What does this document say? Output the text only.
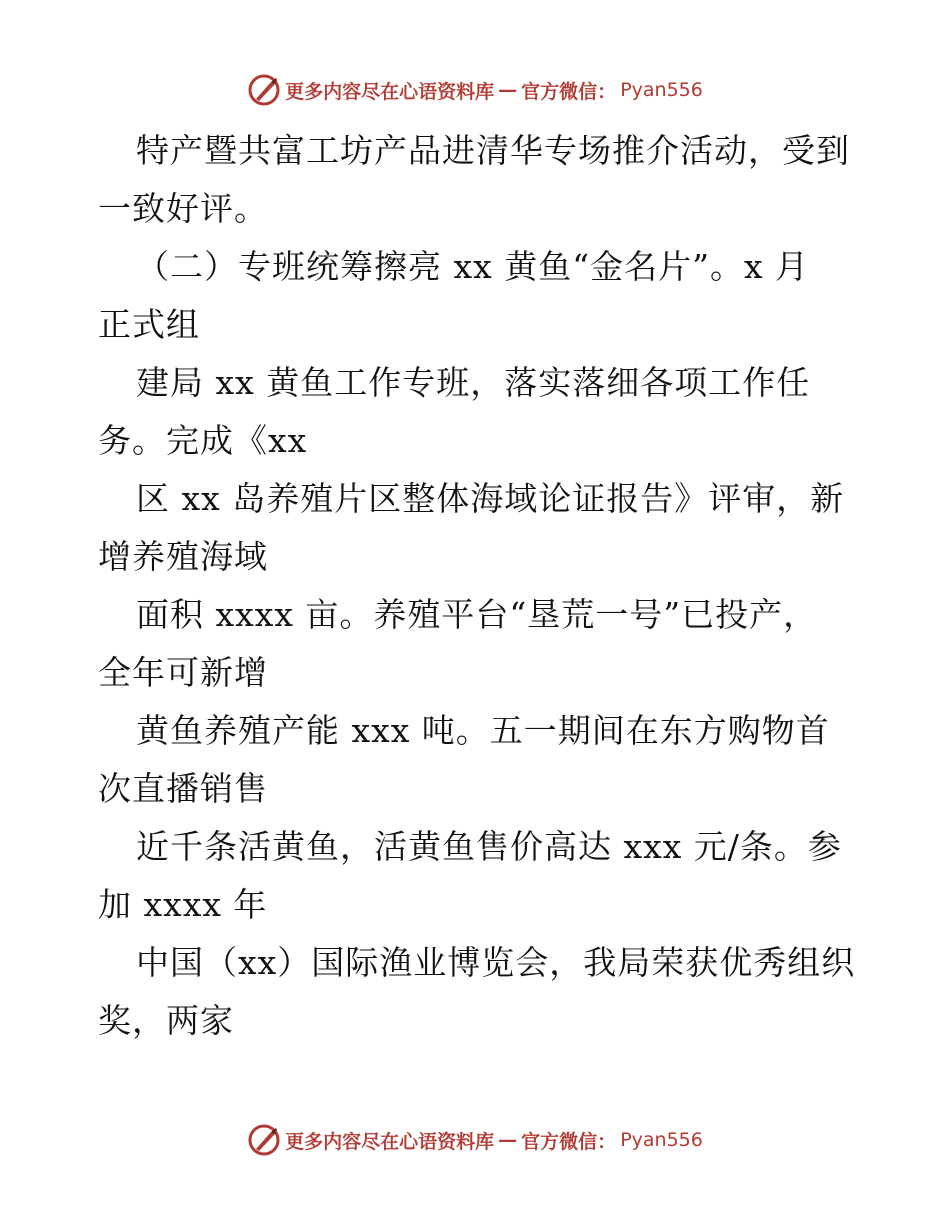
更多内容尽在心语资料库 — 官方微信： Pyan556
特产暨共富工坊产品进清华专场推介活动，受到
一致好评。
（二）专班统筹擦亮 xx 黄鱼“金名片”。x 月
正式组
建局 xx 黄鱼工作专班，落实落细各项工作任
务。完成《xx
区 xx 岛养殖片区整体海域论证报告》评审，新
增养殖海域
面积 xxxx 亩。养殖平台“垦荒一号”已投产，
全年可新增
黄鱼养殖产能 xxx 吨。五一期间在东方购物首
次直播销售
近千条活黄鱼，活黄鱼售价高达 xxx 元/条。参
加 xxxx 年
中国（xx）国际渔业博览会，我局荣获优秀组织
奖，两家
更多内容尽在心语资料库 — 官方微信： Pyan556
